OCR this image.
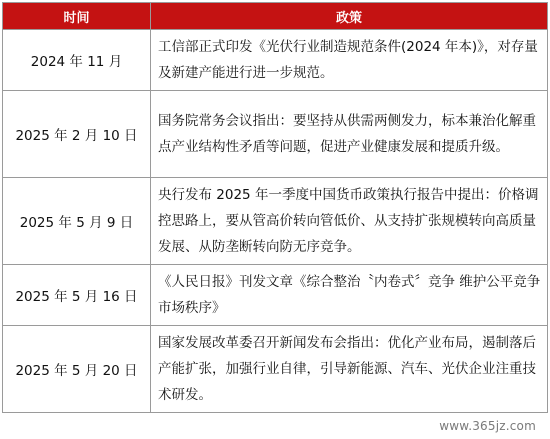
时间	政策
2024 年 11 月	工信部正式印发《光伏行业制造规范条件(2024 年本)》，对存量及新建产能进行进一步规范。
2025 年 2 月 10 日	国务院常务会议指出：要坚持从供需两侧发力，标本兼治化解重点产业结构性矛盾等问题，促进产业健康发展和提质升级。
2025 年 5 月 9 日	央行发布 2025 年一季度中国货币政策执行报告中提出：价格调控思路上，要从管高价转向管低价、从支持扩张规模转向高质量发展、从防垄断转向防无序竞争。
2025 年 5 月 16 日	《人民日报》刊发文章《综合整治〝内卷式〞竞争 维护公平竞争市场秩序》
2025 年 5 月 20 日	国家发展改革委召开新闻发布会指出：优化产业布局，遏制落后产能扩张，加强行业自律，引导新能源、汽车、光伏企业注重技术研发。
www.365jz.com
